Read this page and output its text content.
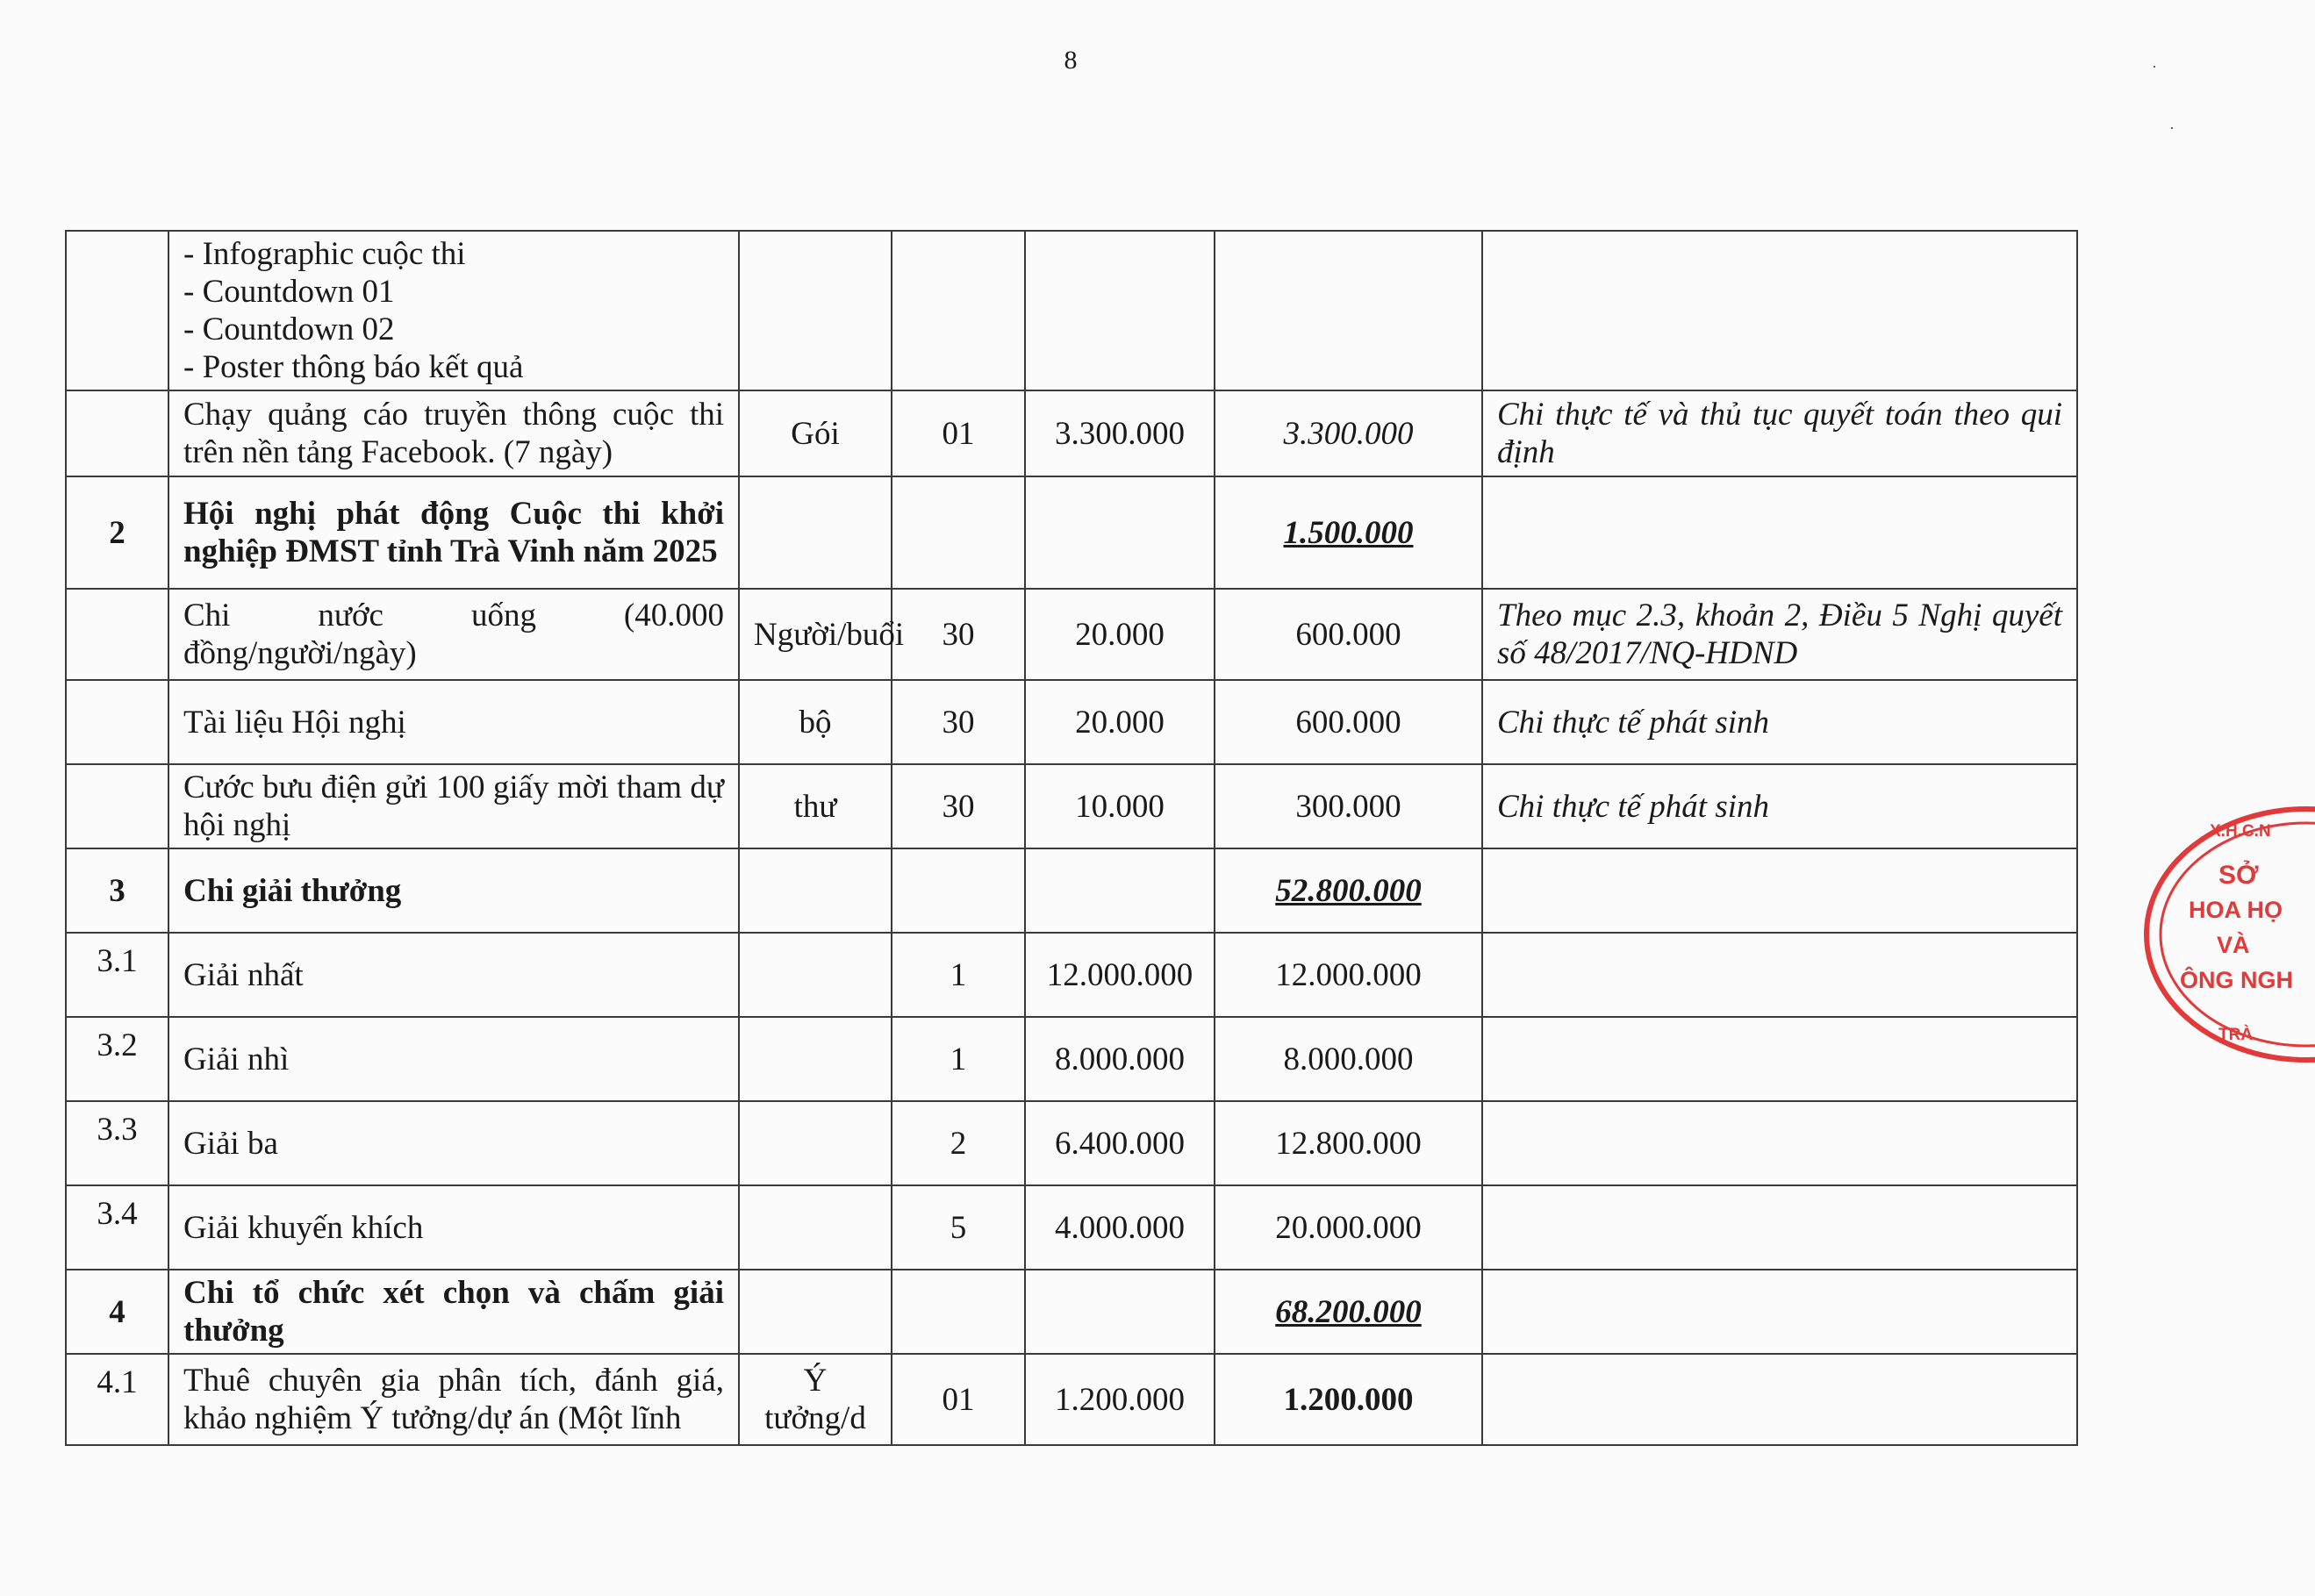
8	·
·

	- Infographic cuộc thi
- Countdown 01
- Countdown 02
- Poster thông báo kết quả					

	Chạy quảng cáo truyền thông cuộc thi trên nền tảng Facebook. (7 ngày)	Gói	01	3.300.000	3.300.000	Chi thực tế và thủ tục quyết toán theo qui định
2	Hội nghị phát động Cuộc thi khởi nghiệp ĐMST tỉnh Trà Vinh năm 2025				1.500.000	
	Chi nước uống (40.000 đồng/người/ngày)	Người/buổi	30	20.000	600.000	Theo mục 2.3, khoản 2, Điều 5 Nghị quyết số 48/2017/NQ-HDND
	Tài liệu Hội nghị	bộ	30	20.000	600.000	Chi thực tế phát sinh
	Cước bưu điện gửi 100 giấy mời tham dự hội nghị	thư	30	10.000	300.000	Chi thực tế phát sinh
3	Chi giải thưởng				52.800.000	
3.1	Giải nhất		1	12.000.000	12.000.000	
3.2	Giải nhì		1	8.000.000	8.000.000	
3.3	Giải ba		2	6.400.000	12.800.000	
3.4	Giải khuyến khích		5	4.000.000	20.000.000	
4	Chi tổ chức xét chọn và chấm giải thưởng				68.200.000	
4.1	Thuê chuyên gia phân tích, đánh giá, khảo nghiệm Ý tưởng/dự án (Một lĩnh	Ý tưởng/d	01	1.200.000	1.200.000	
X.H.C.N
SỞ
HOA HỌ
VÀ
ÔNG NGH
TRÀ
